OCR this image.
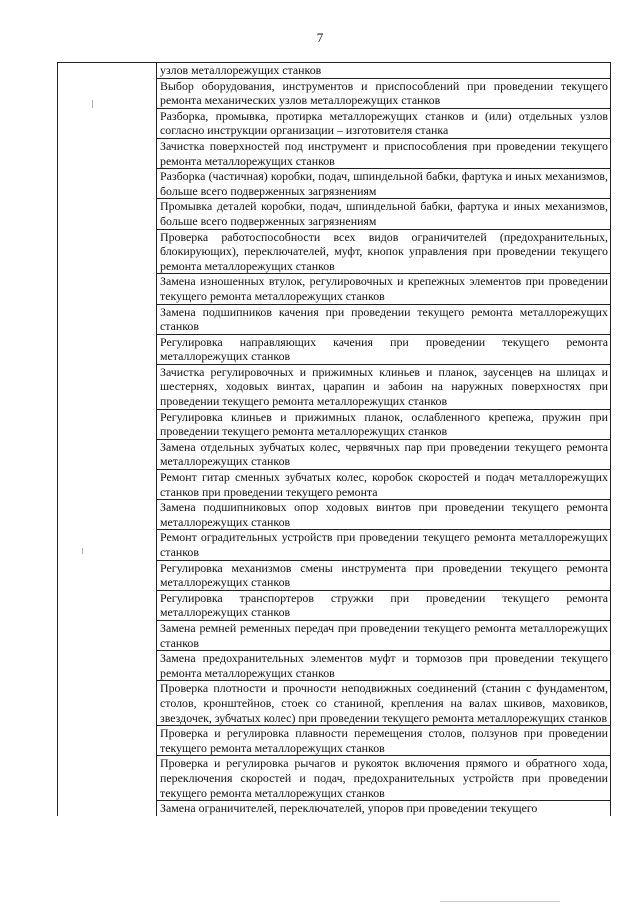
7
	узлов металлорежущих станков
Выбор оборудования, инструментов и приспособлений при проведении текущего ремонта механических узлов металлорежущих станков
Разборка, промывка, протирка металлорежущих станков и (или) отдельных узлов согласно инструкции организации – изготовителя станка
Зачистка поверхностей под инструмент и приспособления при проведении текущего ремонта металлорежущих станков
Разборка (частичная) коробки, подач, шпиндельной бабки, фартука и иных механизмов, больше всего подверженных загрязнениям
Промывка деталей коробки, подач, шпиндельной бабки, фартука и иных механизмов, больше всего подверженных загрязнениям
Проверка работоспособности всех видов ограничителей (предохранительных, блокирующих), переключателей, муфт, кнопок управления при проведении текущего ремонта металлорежущих станков
Замена изношенных втулок, регулировочных и крепежных элементов при проведении текущего ремонта металлорежущих станков
Замена подшипников качения при проведении текущего ремонта металлорежущих станков
Регулировка направляющих качения при проведении текущего ремонта металлорежущих станков
Зачистка регулировочных и прижимных клиньев и планок, заусенцев на шлицах и шестернях, ходовых винтах, царапин и забоин на наружных поверхностях при проведении текущего ремонта металлорежущих станков
Регулировка клиньев и прижимных планок, ослабленного крепежа, пружин при проведении текущего ремонта металлорежущих станков
Замена отдельных зубчатых колес, червячных пар при проведении текущего ремонта металлорежущих станков
Ремонт гитар сменных зубчатых колес, коробок скоростей и подач металлорежущих станков при проведении текущего ремонта
Замена подшипниковых опор ходовых винтов при проведении текущего ремонта металлорежущих станков
Ремонт оградительных устройств при проведении текущего ремонта металлорежущих станков
Регулировка механизмов смены инструмента при проведении текущего ремонта металлорежущих станков
Регулировка транспортеров стружки при проведении текущего ремонта металлорежущих станков
Замена ремней ременных передач при проведении текущего ремонта металлорежущих станков
Замена предохранительных элементов муфт и тормозов при проведении текущего ремонта металлорежущих станков
Проверка плотности и прочности неподвижных соединений (станин с фундаментом, столов, кронштейнов, стоек со станиной, крепления на валах шкивов, маховиков, звездочек, зубчатых колес) при проведении текущего ремонта металлорежущих станков
Проверка и регулировка плавности перемещения столов, ползунов при проведении текущего ремонта металлорежущих станков
Проверка и регулировка рычагов и рукояток включения прямого и обратного хода, переключения скоростей и подач, предохранительных устройств при проведении текущего ремонта металлорежущих станков
Замена ограничителей, переключателей, упоров при проведении текущего
